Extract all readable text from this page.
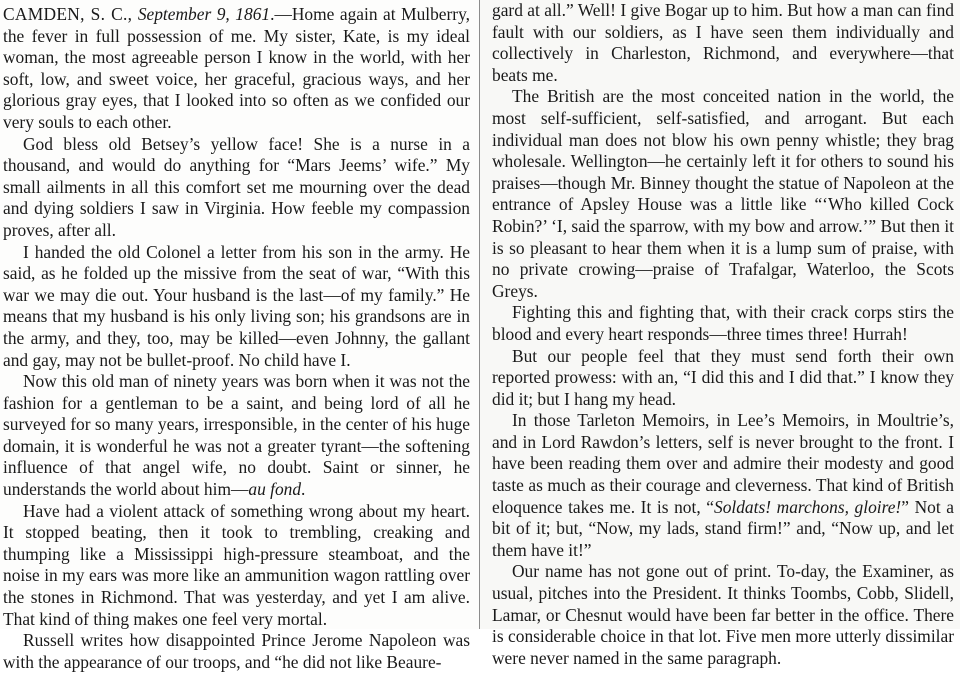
CAMDEN, S. C., September 9, 1861.—Home again at Mulberry, the fever in full possession of me. My sister, Kate, is my ideal woman, the most agreeable person I know in the world, with her soft, low, and sweet voice, her graceful, gracious ways, and her glorious gray eyes, that I looked into so often as we confided our very souls to each other.

God bless old Betsey’s yellow face! She is a nurse in a thousand, and would do anything for “Mars Jeems’ wife.” My small ailments in all this comfort set me mourning over the dead and dying soldiers I saw in Virginia. How feeble my compassion proves, after all.

I handed the old Colonel a letter from his son in the army. He said, as he folded up the missive from the seat of war, “With this war we may die out. Your husband is the last—of my family.” He means that my husband is his only living son; his grandsons are in the army, and they, too, may be killed—even Johnny, the gallant and gay, may not be bullet-proof. No child have I.

Now this old man of ninety years was born when it was not the fashion for a gentleman to be a saint, and being lord of all he surveyed for so many years, irresponsible, in the center of his huge domain, it is wonderful he was not a greater tyrant—the softening influence of that angel wife, no doubt. Saint or sinner, he understands the world about him—au fond.

Have had a violent attack of something wrong about my heart. It stopped beating, then it took to trembling, creaking and thumping like a Mississippi high-pressure steamboat, and the noise in my ears was more like an ammunition wagon rattling over the stones in Richmond. That was yesterday, and yet I am alive. That kind of thing makes one feel very mortal.

Russell writes how disappointed Prince Jerome Napoleon was with the appearance of our troops, and “he did not like Beaure-

gard at all.” Well! I give Bogar up to him. But how a man can find fault with our soldiers, as I have seen them individually and collectively in Charleston, Richmond, and everywhere—that beats me.

The British are the most conceited nation in the world, the most self-sufficient, self-satisfied, and arrogant. But each individual man does not blow his own penny whistle; they brag wholesale. Wellington—he certainly left it for others to sound his praises—though Mr. Binney thought the statue of Napoleon at the entrance of Apsley House was a little like “‘Who killed Cock Robin?’ ‘I, said the sparrow, with my bow and arrow.’” But then it is so pleasant to hear them when it is a lump sum of praise, with no private crowing—praise of Trafalgar, Waterloo, the Scots Greys.

Fighting this and fighting that, with their crack corps stirs the blood and every heart responds—three times three! Hurrah!

But our people feel that they must send forth their own reported prowess: with an, “I did this and I did that.” I know they did it; but I hang my head.

In those Tarleton Memoirs, in Lee’s Memoirs, in Moultrie’s, and in Lord Rawdon’s letters, self is never brought to the front. I have been reading them over and admire their modesty and good taste as much as their courage and cleverness. That kind of British eloquence takes me. It is not, “Soldats! marchons, gloire!” Not a bit of it; but, “Now, my lads, stand firm!” and, “Now up, and let them have it!”

Our name has not gone out of print. To-day, the Examiner, as usual, pitches into the President. It thinks Toombs, Cobb, Slidell, Lamar, or Chesnut would have been far better in the office. There is considerable choice in that lot. Five men more utterly dissimilar were never named in the same paragraph.
